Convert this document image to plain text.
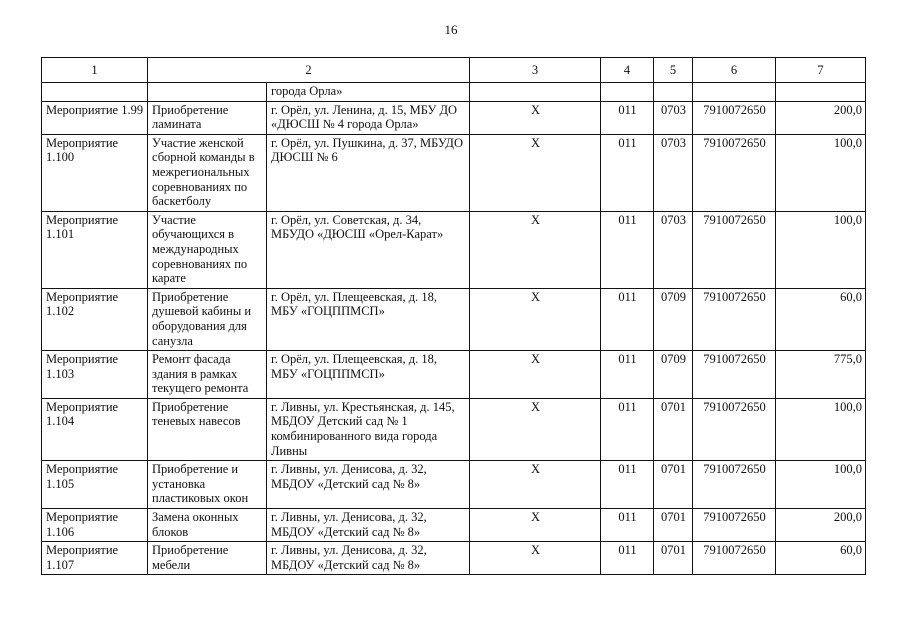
16
1	2		3	4	5	6	7
		города Орла»					
Мероприятие 1.99	Приобретение ламината	г. Орёл, ул. Ленина, д. 15, МБУ ДО «ДЮСШ № 4 города Орла»	Х	011	0703	7910072650	200,0
Мероприятие 1.100	Участие женской сборной команды в межрегиональных соревнованиях по баскетболу	г. Орёл, ул. Пушкина, д. 37, МБУДО ДЮСШ № 6	Х	011	0703	7910072650	100,0
Мероприятие 1.101	Участие обучающихся в международных соревнованиях по карате	г. Орёл, ул. Советская, д. 34, МБУДО «ДЮСШ «Орел-Карат»	Х	011	0703	7910072650	100,0
Мероприятие 1.102	Приобретение душевой кабины и оборудования для санузла	г. Орёл, ул. Плещеевская, д. 18, МБУ «ГОЦППМСП»	Х	011	0709	7910072650	60,0
Мероприятие 1.103	Ремонт фасада здания в рамках текущего ремонта	г. Орёл, ул. Плещеевская, д. 18, МБУ «ГОЦППМСП»	Х	011	0709	7910072650	775,0
Мероприятие 1.104	Приобретение теневых навесов	г. Ливны, ул. Крестьянская, д. 145, МБДОУ Детский сад № 1 комбинированного вида города Ливны	Х	011	0701	7910072650	100,0
Мероприятие 1.105	Приобретение и установка пластиковых окон	г. Ливны, ул. Денисова, д. 32, МБДОУ «Детский сад № 8»	Х	011	0701	7910072650	100,0
Мероприятие 1.106	Замена оконных блоков	г. Ливны, ул. Денисова, д. 32, МБДОУ «Детский сад № 8»	Х	011	0701	7910072650	200,0
Мероприятие 1.107	Приобретение мебели	г. Ливны, ул. Денисова, д. 32, МБДОУ «Детский сад № 8»	Х	011	0701	7910072650	60,0
